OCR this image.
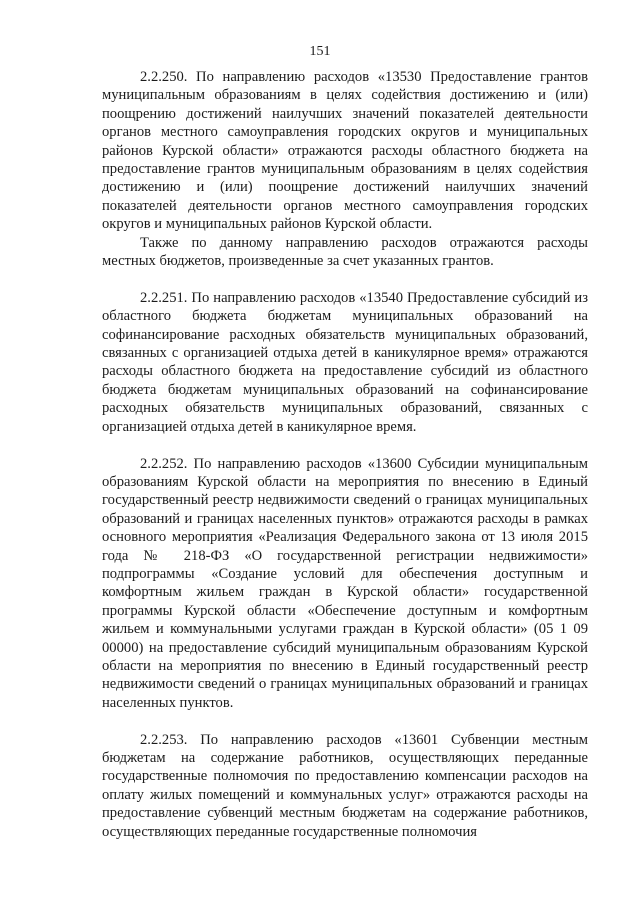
151

2.2.250. По направлению расходов «13530 Предоставление грантов муниципальным образованиям в целях содействия достижению и (или) поощрению достижений наилучших значений показателей деятельности органов местного самоуправления городских округов и муниципальных районов Курской области» отражаются расходы областного бюджета на предоставление грантов муниципальным образованиям в целях содействия достижению и (или) поощрение достижений наилучших значений показателей деятельности органов местного самоуправления городских округов и муниципальных районов Курской области.

Также по данному направлению расходов отражаются расходы местных бюджетов, произведенные за счет указанных грантов.

2.2.251. По направлению расходов «13540 Предоставление субсидий из областного бюджета бюджетам муниципальных образований на софинансирование расходных обязательств муниципальных образований, связанных с организацией отдыха детей в каникулярное время» отражаются расходы областного бюджета на предоставление субсидий из областного бюджета бюджетам муниципальных образований на софинансирование расходных обязательств муниципальных образований, связанных с организацией отдыха детей в каникулярное время.

2.2.252. По направлению расходов «13600 Субсидии муниципальным образованиям Курской области на мероприятия по внесению в Единый государственный реестр недвижимости сведений о границах муниципальных образований и границах населенных пунктов» отражаются расходы в рамках основного мероприятия «Реализация Федерального закона от 13 июля 2015 года № 218-ФЗ «О государственной регистрации недвижимости» подпрограммы «Создание условий для обеспечения доступным и комфортным жильем граждан в Курской области» государственной программы Курской области «Обеспечение доступным и комфортным жильем и коммунальными услугами граждан в Курской области» (05 1 09 00000) на предоставление субсидий муниципальным образованиям Курской области на мероприятия по внесению в Единый государственный реестр недвижимости сведений о границах муниципальных образований и границах населенных пунктов.

2.2.253. По направлению расходов «13601 Субвенции местным бюджетам на содержание работников, осуществляющих переданные государственные полномочия по предоставлению компенсации расходов на оплату жилых помещений и коммунальных услуг» отражаются расходы на предоставление субвенций местным бюджетам на содержание работников, осуществляющих переданные государственные полномочия
